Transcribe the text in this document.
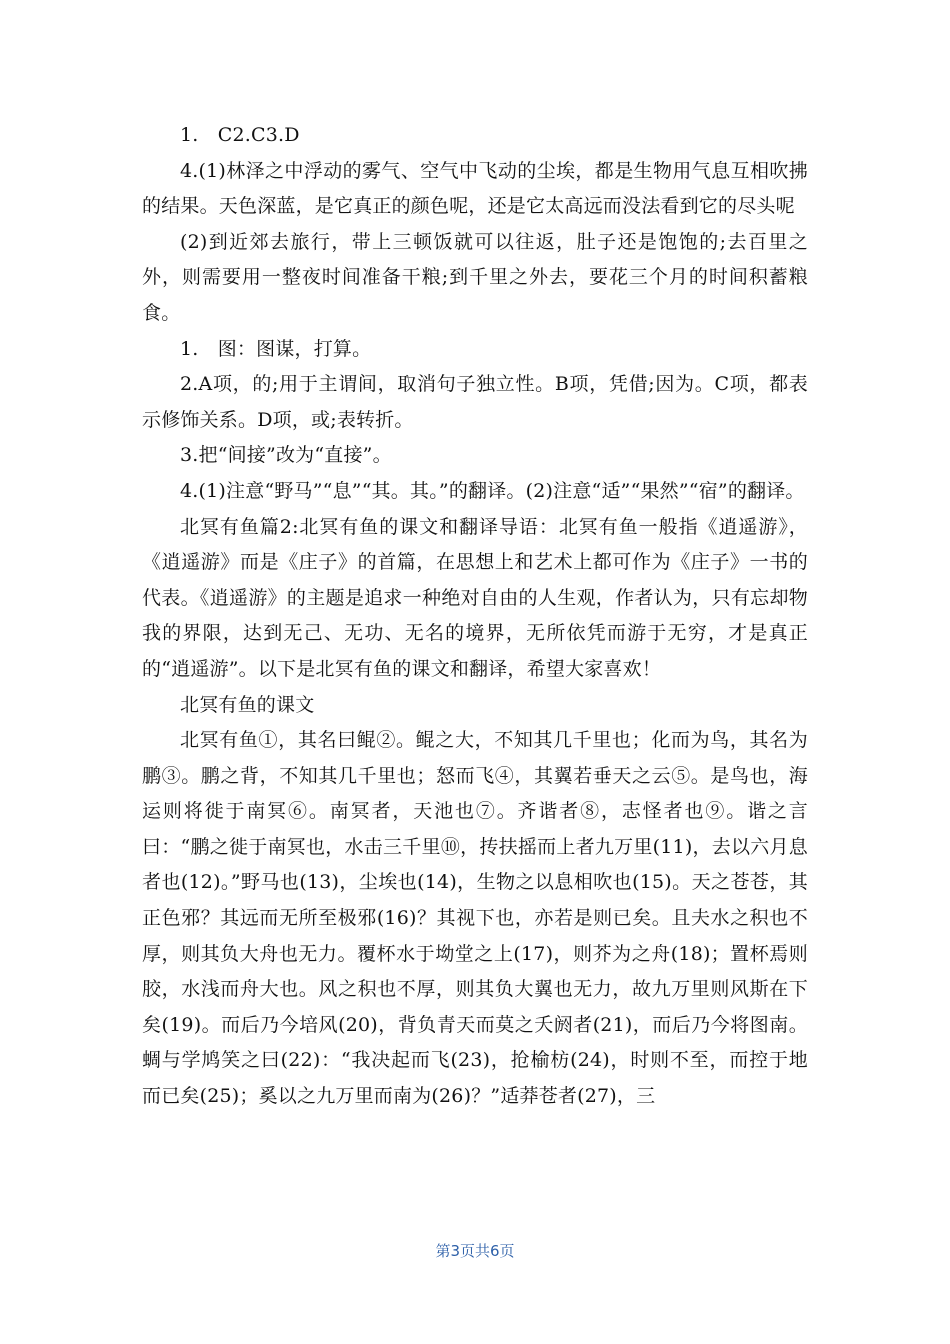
1.　C2.C3.D

4.(1)林泽之中浮动的雾气、空气中飞动的尘埃，都是生物用气息互相吹拂的结果。天色深蓝，是它真正的颜色呢，还是它太高远而没法看到它的尽头呢

(2)到近郊去旅行，带上三顿饭就可以往返，肚子还是饱饱的;去百里之外，则需要用一整夜时间准备干粮;到千里之外去，要花三个月的时间积蓄粮食。

1.　图：图谋，打算。

2.A项，的;用于主谓间，取消句子独立性。B项，凭借;因为。C项，都表示修饰关系。D项，或;表转折。

3.把“间接”改为“直接”。

4.(1)注意“野马”“息”“其。其。”的翻译。(2)注意“适”“果然”“宿”的翻译。

北冥有鱼篇2:北冥有鱼的课文和翻译导语：北冥有鱼一般指《逍遥游》，《逍遥游》而是《庄子》的首篇，在思想上和艺术上都可作为《庄子》一书的代表。《逍遥游》的主题是追求一种绝对自由的人生观，作者认为，只有忘却物我的界限，达到无己、无功、无名的境界，无所依凭而游于无穷，才是真正的“逍遥游”。以下是北冥有鱼的课文和翻译，希望大家喜欢！

北冥有鱼的课文

北冥有鱼①，其名曰鲲②。鲲之大，不知其几千里也；化而为鸟，其名为鹏③。鹏之背，不知其几千里也；怒而飞④，其翼若垂天之云⑤。是鸟也，海运则将徙于南冥⑥。南冥者，天池也⑦。齐谐者⑧，志怪者也⑨。谐之言曰：“鹏之徙于南冥也，水击三千里⑩，抟扶摇而上者九万里(11)，去以六月息者也(12)。”野马也(13)，尘埃也(14)，生物之以息相吹也(15)。天之苍苍，其正色邪？其远而无所至极邪(16)？其视下也，亦若是则已矣。且夫水之积也不厚，则其负大舟也无力。覆杯水于坳堂之上(17)，则芥为之舟(18)；置杯焉则胶，水浅而舟大也。风之积也不厚，则其负大翼也无力，故九万里则风斯在下矣(19)。而后乃今培风(20)，背负青天而莫之夭阏者(21)，而后乃今将图南。蜩与学鸠笑之曰(22)：“我决起而飞(23)，抢榆枋(24)，时则不至，而控于地而已矣(25)；奚以之九万里而南为(26)？”适莽苍者(27)，三

第3页共6页
